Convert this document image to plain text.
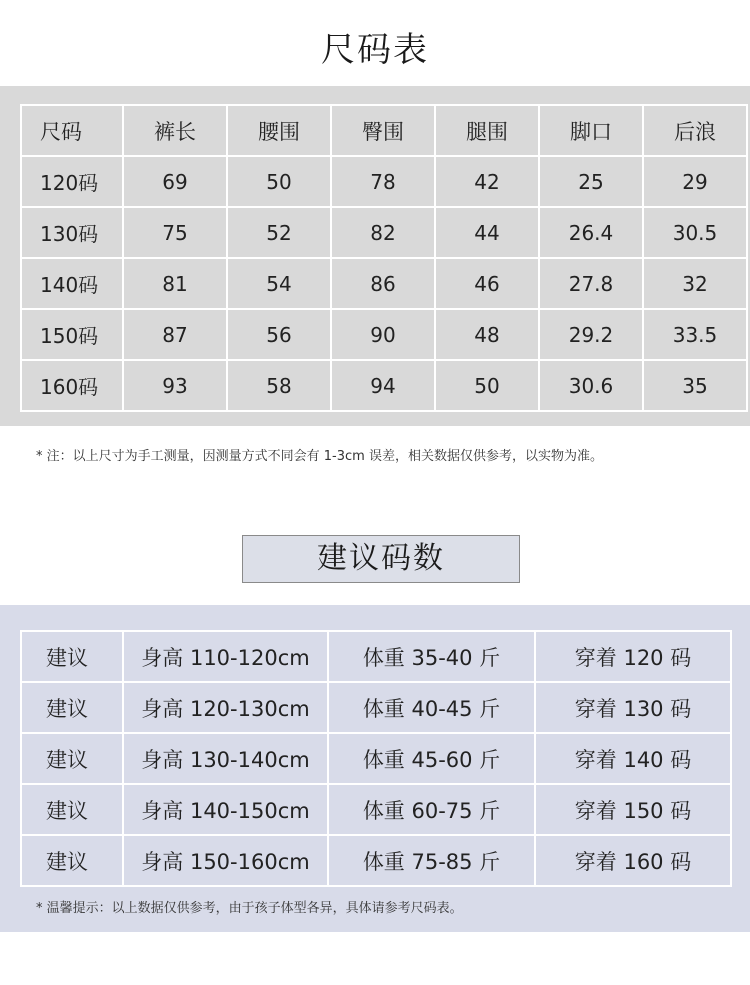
尺码表
尺码	裤长	腰围	臀围	腿围	脚口	后浪
120码	69	50	78	42	25	29
130码	75	52	82	44	26.4	30.5
140码	81	54	86	46	27.8	32
150码	87	56	90	48	29.2	33.5
160码	93	58	94	50	30.6	35
* 注：以上尺寸为手工测量，因测量方式不同会有 1-3cm 误差，相关数据仅供参考，以实物为准。
建议码数
建议	身高 110-120cm	体重 35-40 斤	穿着 120 码
建议	身高 120-130cm	体重 40-45 斤	穿着 130 码
建议	身高 130-140cm	体重 45-60 斤	穿着 140 码
建议	身高 140-150cm	体重 60-75 斤	穿着 150 码
建议	身高 150-160cm	体重 75-85 斤	穿着 160 码
* 温馨提示：以上数据仅供参考，由于孩子体型各异，具体请参考尺码表。
